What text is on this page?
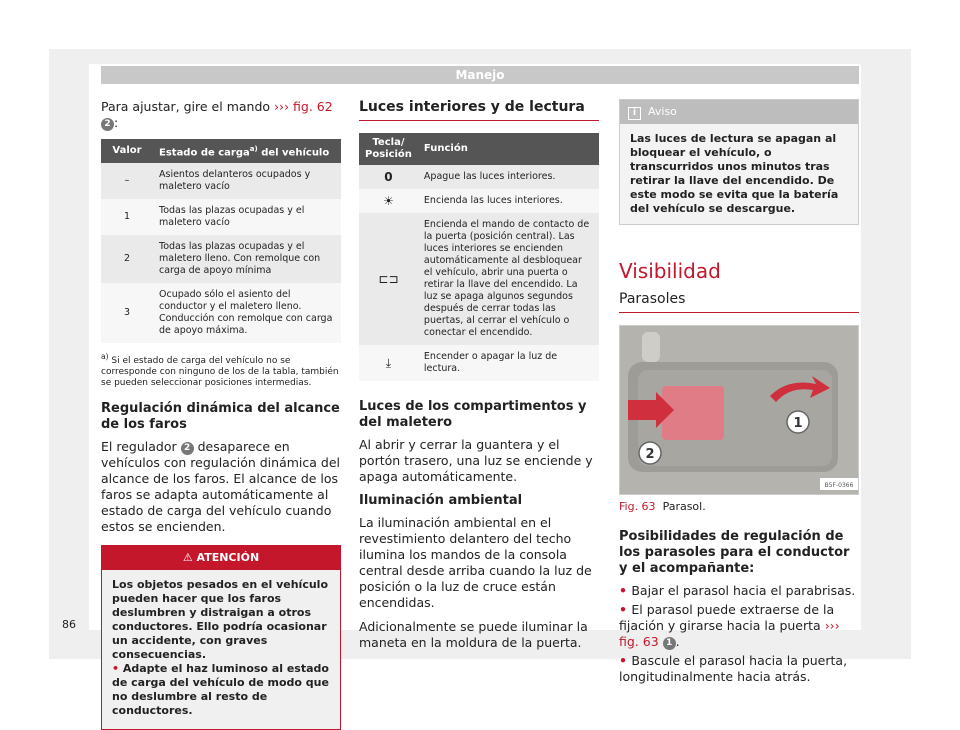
Manejo

Para ajustar, gire el mando ››› fig. 62 2 :

Valor	Estado de carga$^{a)}$ del vehículo
–	Asientos delanteros ocupados y maletero vacío
1	Todas las plazas ocupadas y el maletero vacío
2	Todas las plazas ocupadas y el maletero lleno. Con remolque con carga de apoyo mínima
3	Ocupado sólo el asiento del conductor y el maletero lleno. Conducción con remolque con carga de apoyo máxima.
$^{a)}$ Si el estado de carga del vehículo no se corresponde con ninguno de los de la tabla, también se pueden seleccionar posiciones intermedias.
Regulación dinámica del alcance de los faros

El regulador 2 desaparece en vehículos con regulación dinámica del alcance de los faros. El alcance de los faros se adapta automáticamente al estado de carga del vehículo cuando estos se encienden.

⚠ ATENCIÓN
Los objetos pesados en el vehículo pueden hacer que los faros deslumbren y distraigan a otros conductores. Ello podría ocasionar un accidente, con graves consecuencias.
• Adapte el haz luminoso al estado de carga del vehículo de modo que no deslumbre al resto de conductores.
Luces interiores y de lectura
Tecla/ Posición	Función
0	Apague las luces interiores.
☀	Encienda las luces interiores.
⊏⊐	Encienda el mando de contacto de la puerta (posición central). Las luces interiores se encienden automáticamente al desbloquear el vehículo, abrir una puerta o retirar la llave del encendido. La luz se apaga algunos segundos después de cerrar todas las puertas, al cerrar el vehículo o conectar el encendido.
⤓	Encender o apagar la luz de lectura.
Luces de los compartimentos y del maletero

Al abrir y cerrar la guantera y el portón trasero, una luz se enciende y apaga automáticamente.

Iluminación ambiental

La iluminación ambiental en el revestimiento delantero del techo ilumina los mandos de la consola central desde arriba cuando la luz de posición o la luz de cruce están encendidas.

Adicionalmente se puede iluminar la maneta en la moldura de la puerta.

i Aviso
Las luces de lectura se apagan al bloquear el vehículo, o transcurridos unos minutos tras retirar la llave del encendido. De este modo se evita que la batería del vehículo se descargue.
Visibilidad
Parasoles
1
2
B5F-0366
Fig. 63 Parasol.
Posibilidades de regulación de los parasoles para el conductor y el acompañante:
• Bajar el parasol hacia el parabrisas.
• El parasol puede extraerse de la fijación y girarse hacia la puerta ››› fig. 63 1 .
• Bascule el parasol hacia la puerta, longitudinalmente hacia atrás.
86
